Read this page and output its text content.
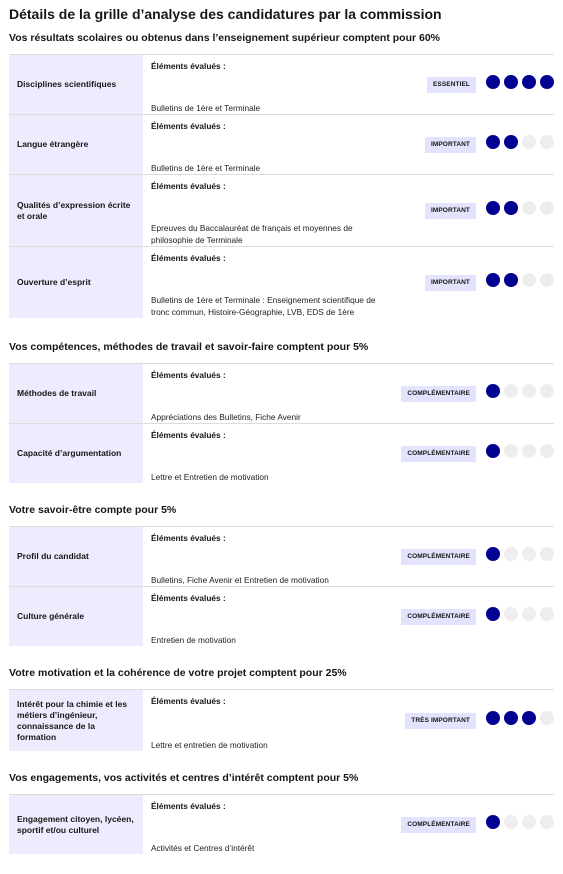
Détails de la grille d’analyse des candidatures par la commission
Vos résultats scolaires ou obtenus dans l’enseignement supérieur comptent pour 60%
Disciplines scientifiques
Éléments évalués :
Bulletins de 1ère et Terminale
ESSENTIEL
Langue étrangère
Éléments évalués :
Bulletins de 1ère et Terminale
IMPORTANT
Qualités d’expression écrite et orale
Éléments évalués :
Epreuves du Baccalauréat de français et moyennes de philosophie de Terminale
IMPORTANT
Ouverture d’esprit
Éléments évalués :
Bulletins de 1ère et Terminale : Enseignement scientifique de tronc commun, Histoire-Géographie, LVB, EDS de 1ère
IMPORTANT
Vos compétences, méthodes de travail et savoir-faire comptent pour 5%
Méthodes de travail
Éléments évalués :
Appréciations des Bulletins, Fiche Avenir
COMPLÉMENTAIRE
Capacité d’argumentation
Éléments évalués :
Lettre et Entretien de motivation
COMPLÉMENTAIRE
Votre savoir-être compte pour 5%
Profil du candidat
Éléments évalués :
Bulletins, Fiche Avenir et Entretien de motivation
COMPLÉMENTAIRE
Culture générale
Éléments évalués :
Entretien de motivation
COMPLÉMENTAIRE
Votre motivation et la cohérence de votre projet comptent pour 25%
Intérêt pour la chimie et les métiers d’ingénieur, connaissance de la formation
Éléments évalués :
Lettre et entretien de motivation
TRÈS IMPORTANT
Vos engagements, vos activités et centres d’intérêt comptent pour 5%
Engagement citoyen, lycéen, sportif et/ou culturel
Éléments évalués :
Activités et Centres d’intérêt
COMPLÉMENTAIRE
